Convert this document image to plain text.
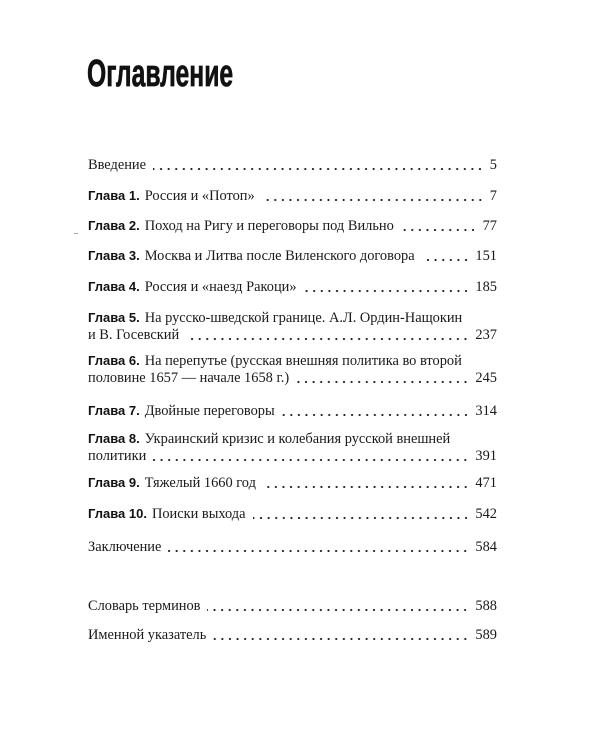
Оглавление
Введение	5
Глава 1. Россия и «Потоп»	7
Глава 2. Поход на Ригу и переговоры под Вильно	77
Глава 3. Москва и Литва после Виленского договора	151
Глава 4. Россия и «наезд Ракоци»	185
Глава 5. На русско-шведской границе. А.Л. Ордин-Нащокин
и В. Госевский	237
Глава 6. На перепутье (русская внешняя политика во второй
половине 1657 — начале 1658 г.)	245
Глава 7. Двойные переговоры	314
Глава 8. Украинский кризис и колебания русской внешней
политики	391
Глава 9. Тяжелый 1660 год	471
Глава 10. Поиски выхода	542
Заключение	584
Словарь терминов	588
Именной указатель	589
